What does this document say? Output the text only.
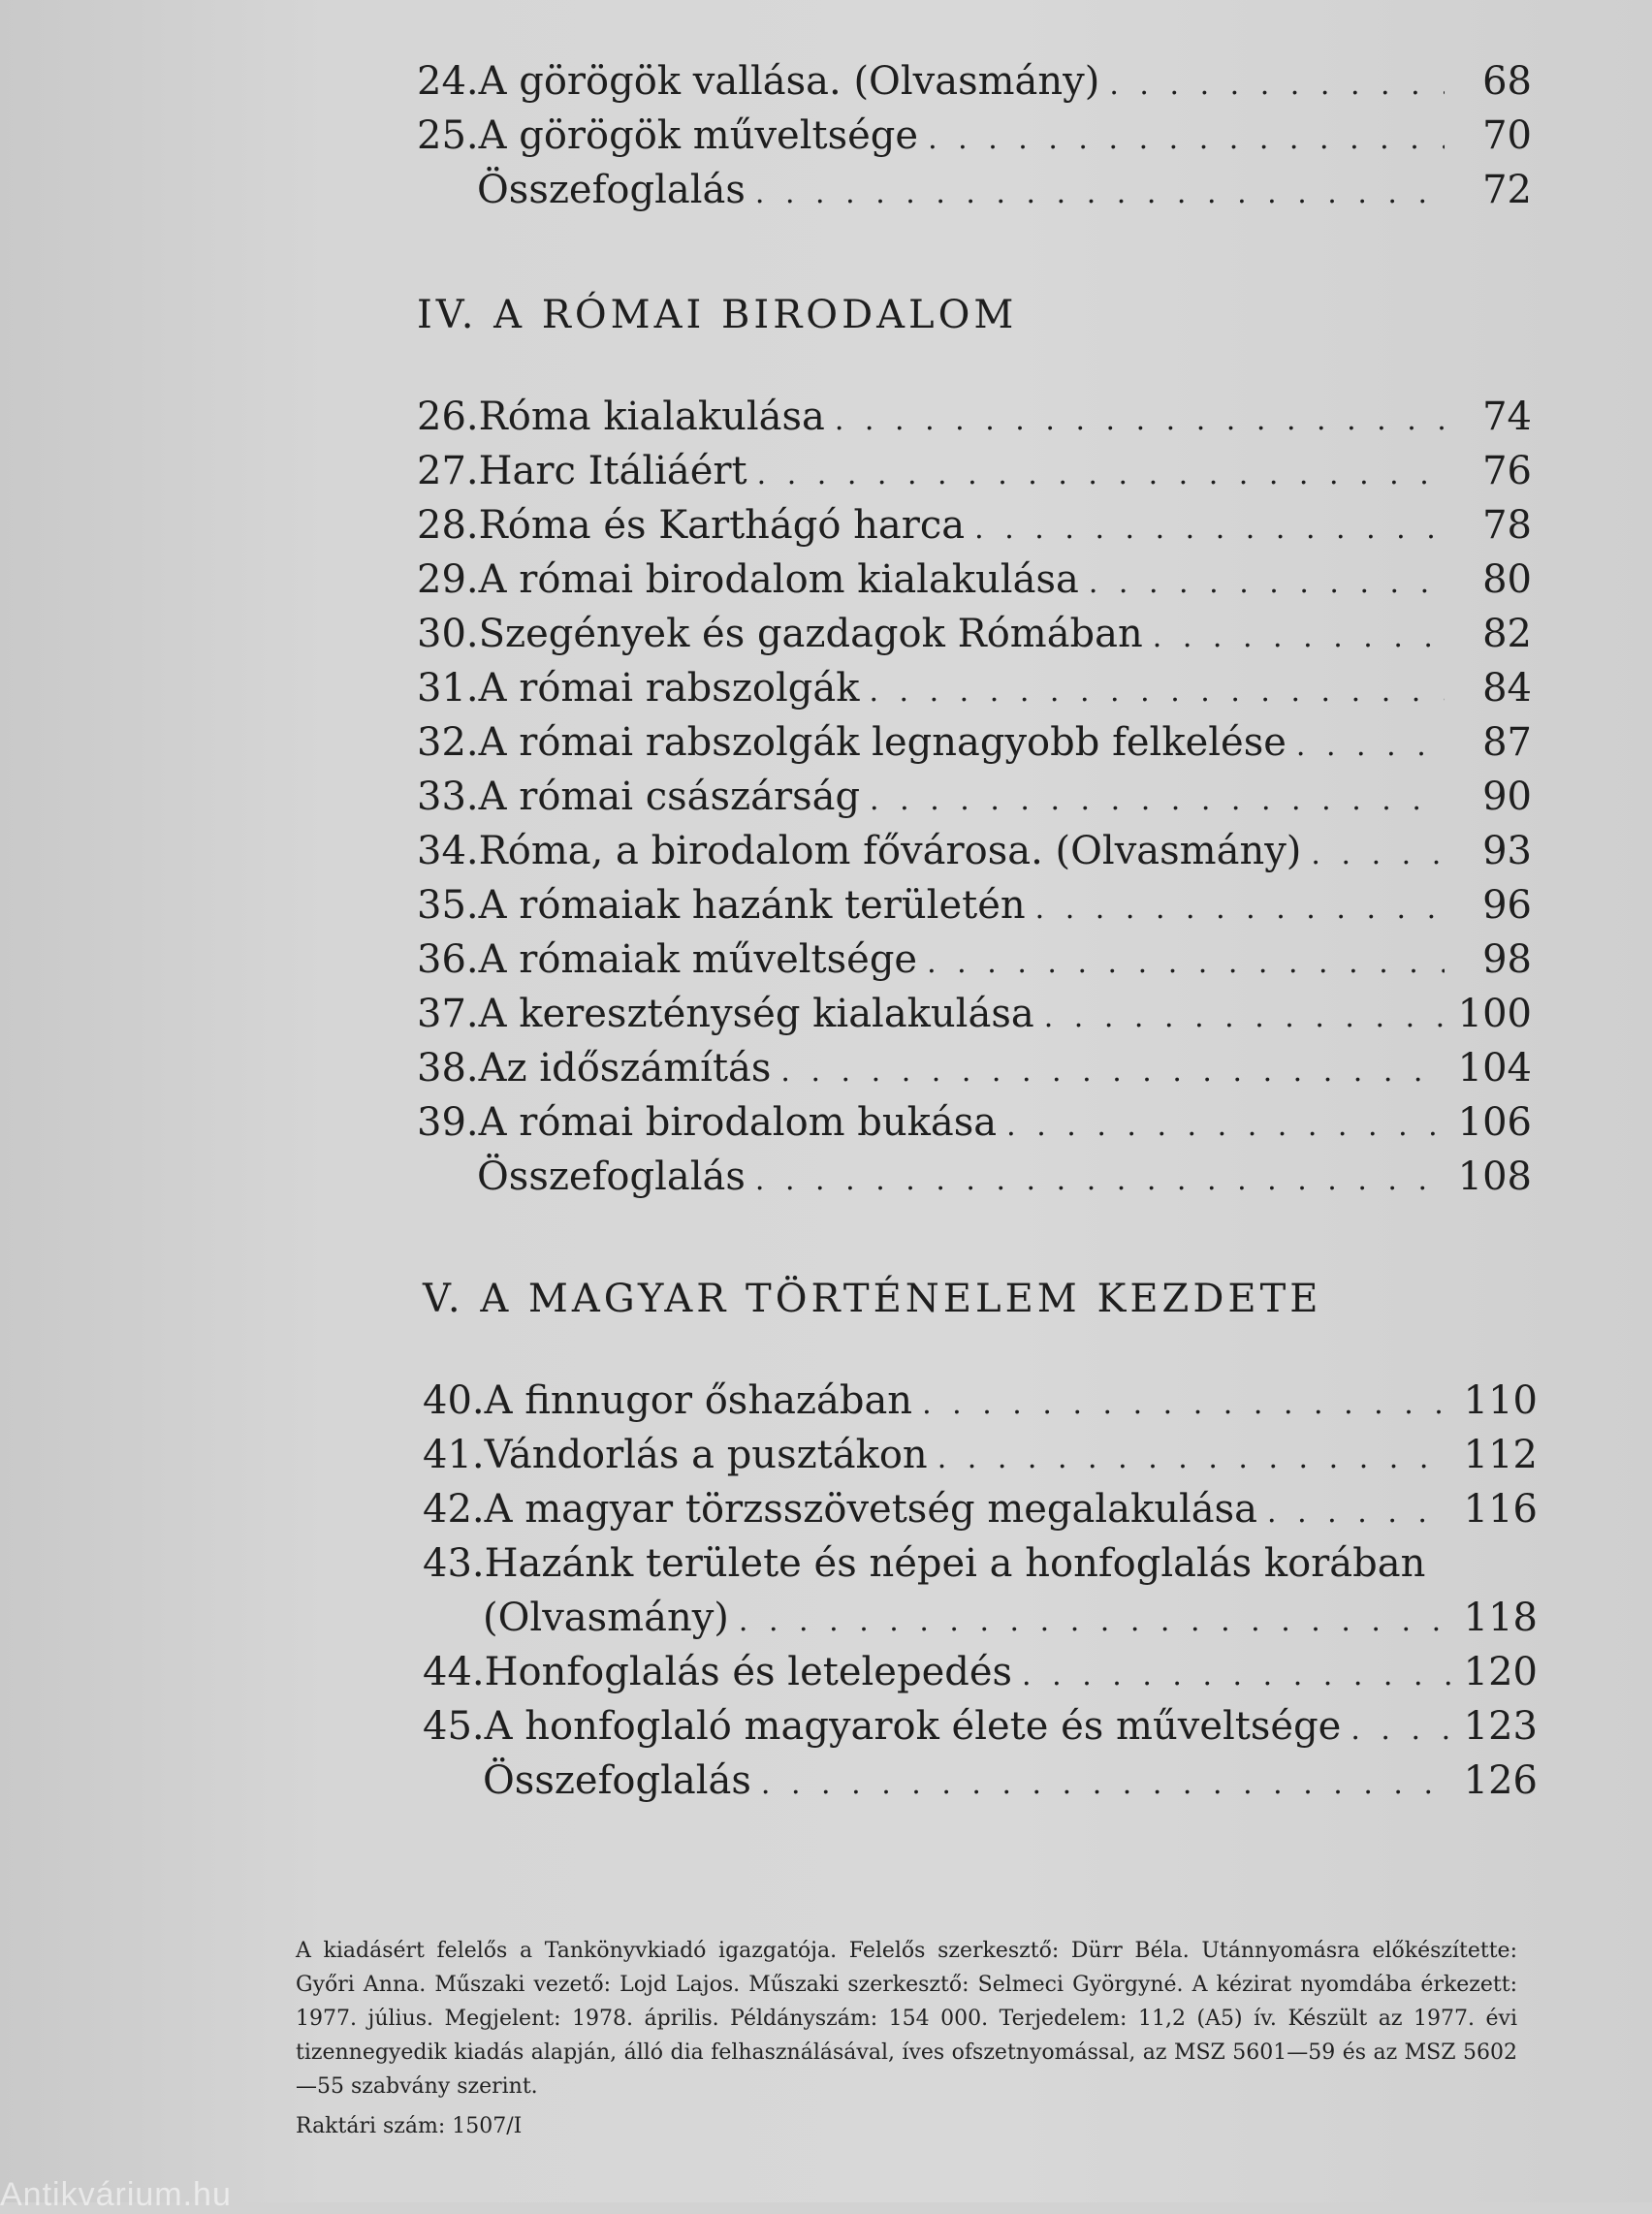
24. A görögök vallása. (Olvasmány) . . .	68
25. A görögök műveltsége . . .	70
Összefoglalás . . .	72
IV. A RÓMAI BIRODALOM
26. Róma kialakulása . . .	74
27. Harc Itáliáért . . .	76
28. Róma és Karthágó harca . . .	78
29. A római birodalom kialakulása . . .	80
30. Szegények és gazdagok Rómában . . .	82
31. A római rabszolgák . . .	84
32. A római rabszolgák legnagyobb felkelése . . .	87
33. A római császárság . . .	90
34. Róma, a birodalom fővárosa. (Olvasmány) . . .	93
35. A rómaiak hazánk területén . . .	96
36. A rómaiak műveltsége . . .	98
37. A kereszténység kialakulása . . .	100
38. Az időszámítás . . .	104
39. A római birodalom bukása . . .	106
Összefoglalás . . .	108
V. A MAGYAR TÖRTÉNELEM KEZDETE
40. A finnugor őshazában . . .	110
41. Vándorlás a pusztákon . . .	112
42. A magyar törzsszövetség megalakulása . . .	116
43. Hazánk területe és népei a honfoglalás korában
(Olvasmány) . . .	118
44. Honfoglalás és letelepedés . . .	120
45. A honfoglaló magyarok élete és műveltsége . . .	123
Összefoglalás . . .	126
A kiadásért felelős a Tankönyvkiadó igazgatója. Felelős szerkesztő: Dürr Béla. Utánnyomásra előkészítette: Győri Anna. Műszaki vezető: Lojd Lajos. Műszaki szerkesztő: Selmeci Györgyné. A kézirat nyomdába érkezett: 1977. július. Megjelent: 1978. április. Példányszám: 154 000. Terjedelem: 11,2 (A5) ív. Készült az 1977. évi tizennegyedik kiadás alapján, álló dia felhasználásával, íves ofszetnyomással, az MSZ 5601—59 és az MSZ 5602—55 szabvány szerint.
Raktári szám: 1507/I
Antikvárium.hu
